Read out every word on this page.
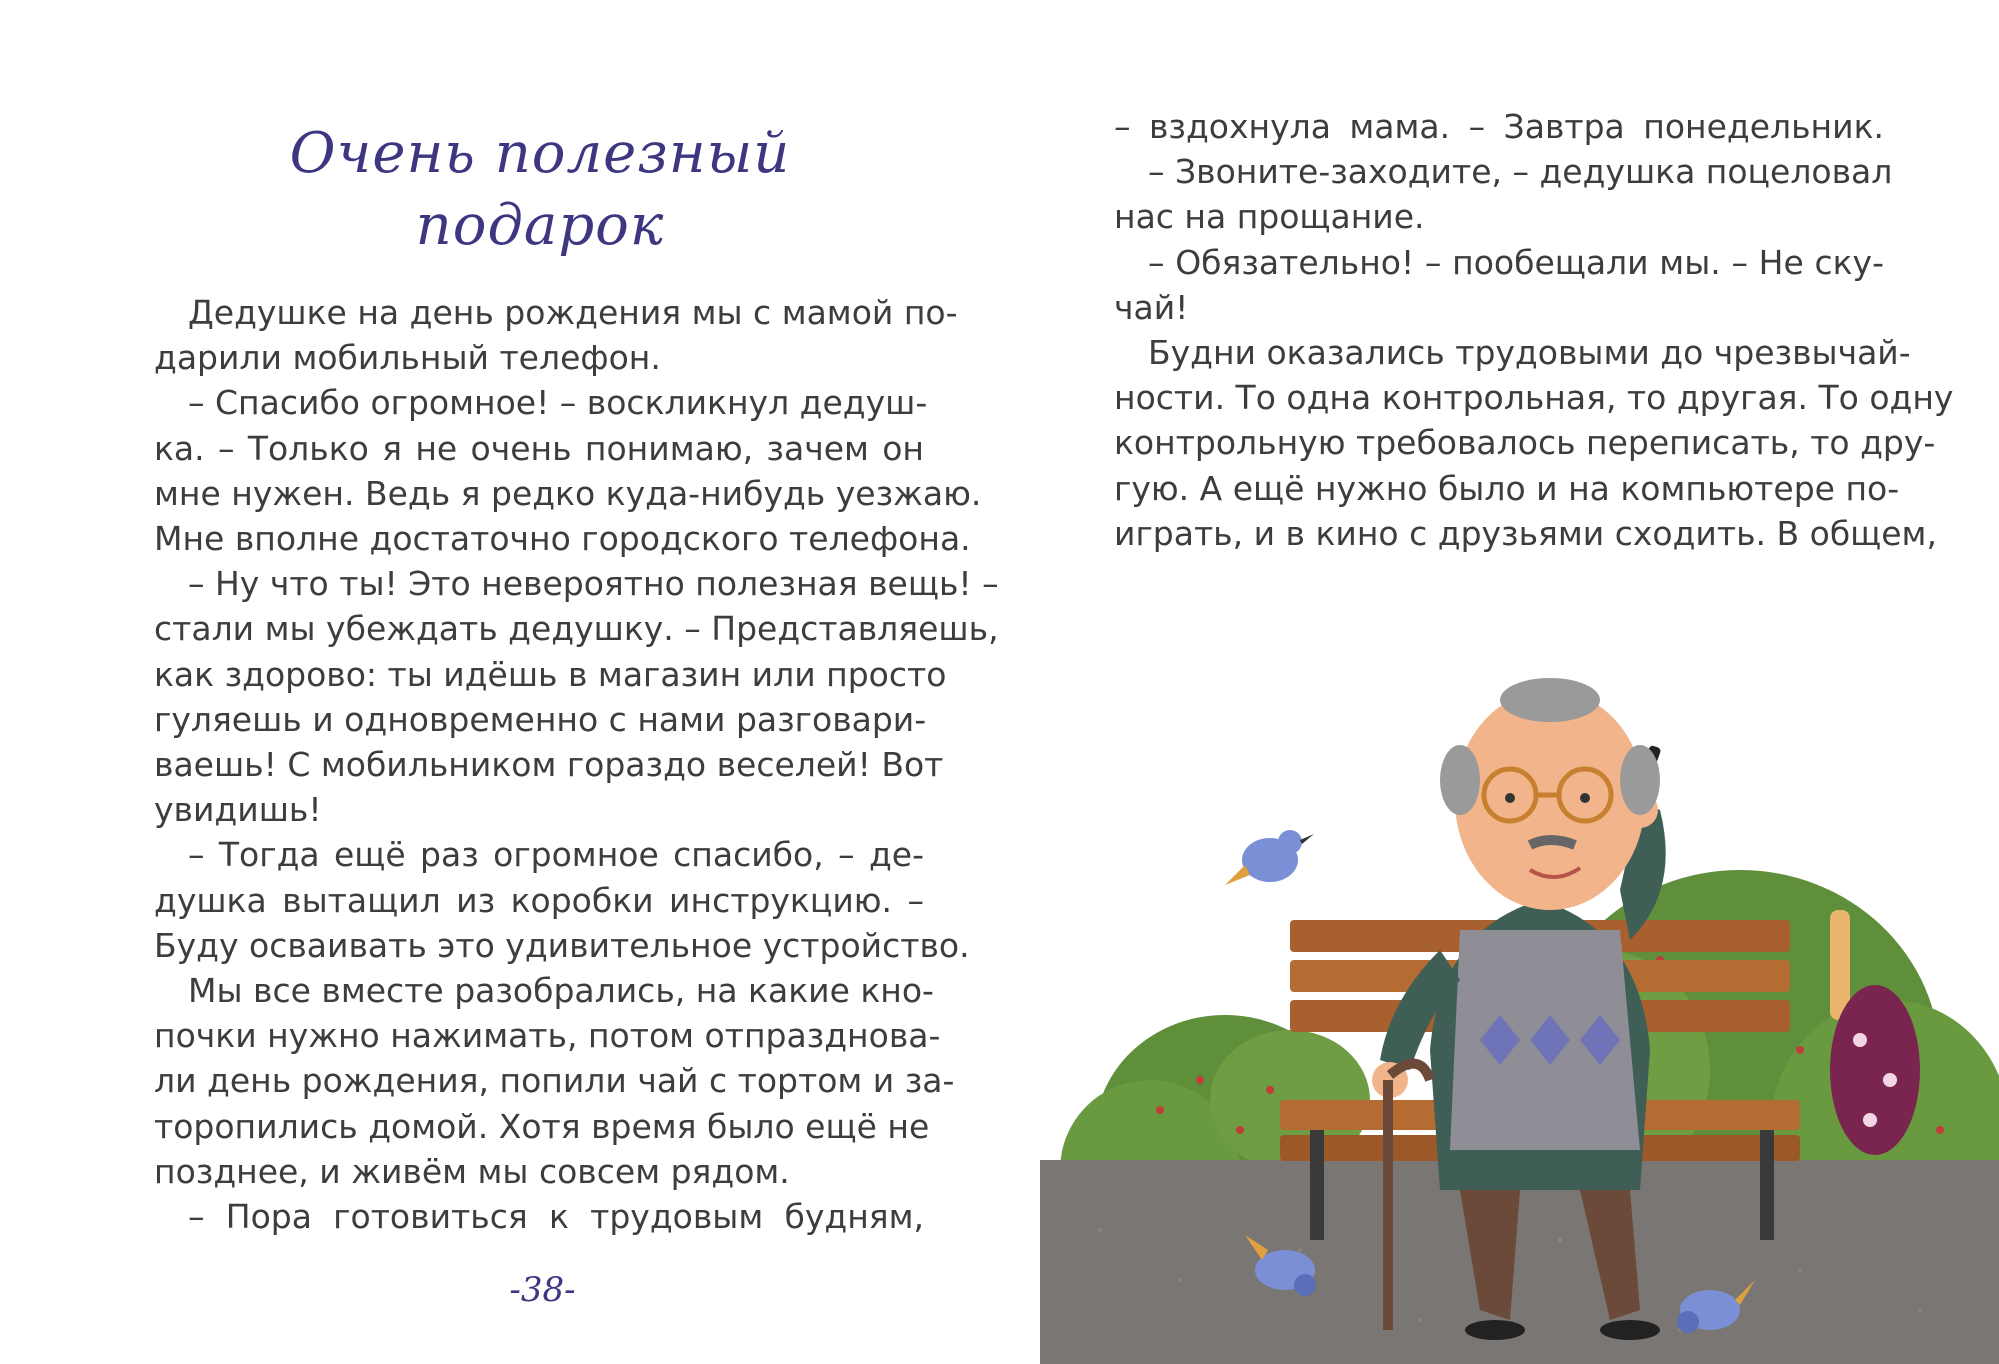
Очень полезный
подарок
Дедушке на день рождения мы с мамой по-
дарили мобильный телефон.
– Спасибо огромное! – воскликнул дедуш-
ка. – Только я не очень понимаю, зачем он
мне нужен. Ведь я редко куда-нибудь уезжаю.
Мне вполне достаточно городского телефона.
– Ну что ты! Это невероятно полезная вещь! –
стали мы убеждать дедушку. – Представляешь,
как здорово: ты идёшь в магазин или просто
гуляешь и одновременно с нами разговари-
ваешь! С мобильником гораздо веселей! Вот
увидишь!
– Тогда ещё раз огромное спасибо, – де-
душка вытащил из коробки инструкцию. –
Буду осваивать это удивительное устройство.
Мы все вместе разобрались, на какие кно-
почки нужно нажимать, потом отпразднова-
ли день рождения, попили чай с тортом и за-
торопились домой. Хотя время было ещё не
позднее, и живём мы совсем рядом.
– Пора готовиться к трудовым будням,
-38-
– вздохнула мама. – Завтра понедельник.
– Звоните-заходите, – дедушка поцеловал
нас на прощание.
– Обязательно! – пообещали мы. – Не ску-
чай!
Будни оказались трудовыми до чрезвычай-
ности. То одна контрольная, то другая. То одну
контрольную требовалось переписать, то дру-
гую. А ещё нужно было и на компьютере по-
играть, и в кино с друзьями сходить. В общем,
